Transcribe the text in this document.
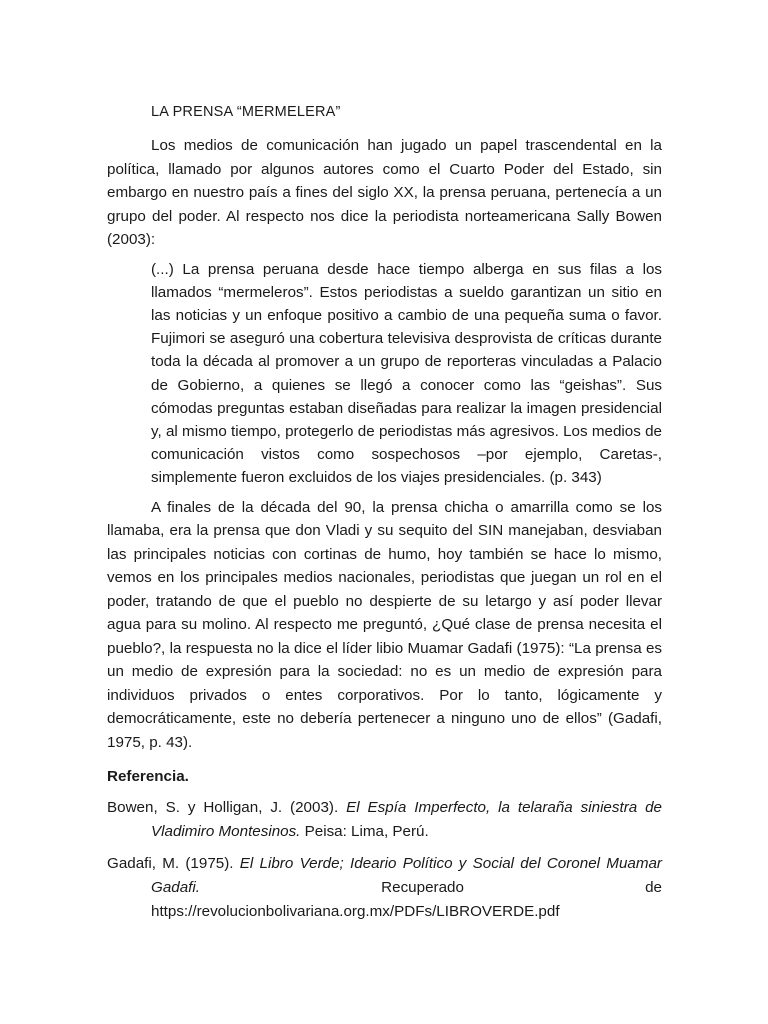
LA PRENSA “MERMELERA”

Los medios de comunicación han jugado un papel trascendental en la política, llamado por algunos autores como el Cuarto Poder del Estado, sin embargo en nuestro país a fines del siglo XX, la prensa peruana, pertenecía a un grupo del poder. Al respecto nos dice la periodista norteamericana Sally Bowen (2003):

(...) La prensa peruana desde hace tiempo alberga en sus filas a los llamados “mermeleros”. Estos periodistas a sueldo garantizan un sitio en las noticias y un enfoque positivo a cambio de una pequeña suma o favor. Fujimori se aseguró una cobertura televisiva desprovista de críticas durante toda la década al promover a un grupo de reporteras vinculadas a Palacio de Gobierno, a quienes se llegó a conocer como las “geishas”. Sus cómodas preguntas estaban diseñadas para realizar la imagen presidencial y, al mismo tiempo, protegerlo de periodistas más agresivos. Los medios de comunicación vistos como sospechosos –por ejemplo, Caretas-, simplemente fueron excluidos de los viajes presidenciales. (p. 343)

A finales de la década del 90, la prensa chicha o amarrilla como se los llamaba, era la prensa que don Vladi y su sequito del SIN manejaban, desviaban las principales noticias con cortinas de humo, hoy también se hace lo mismo, vemos en los principales medios nacionales, periodistas que juegan un rol en el poder, tratando de que el pueblo no despierte de su letargo y así poder llevar agua para su molino. Al respecto me preguntó, ¿Qué clase de prensa necesita el pueblo?, la respuesta no la dice el líder libio Muamar Gadafi (1975): “La prensa es un medio de expresión para la sociedad: no es un medio de expresión para individuos privados o entes corporativos. Por lo tanto, lógicamente y democráticamente, este no debería pertenecer a ninguno uno de ellos” (Gadafi, 1975, p. 43).

Referencia.

Bowen, S. y Holligan, J. (2003). El Espía Imperfecto, la telaraña siniestra de Vladimiro Montesinos. Peisa: Lima, Perú.

Gadafi, M. (1975). El Libro Verde; Ideario Político y Social del Coronel Muamar Gadafi. Recuperado de https://revolucionbolivariana.org.mx/PDFs/LIBROVERDE.pdf
